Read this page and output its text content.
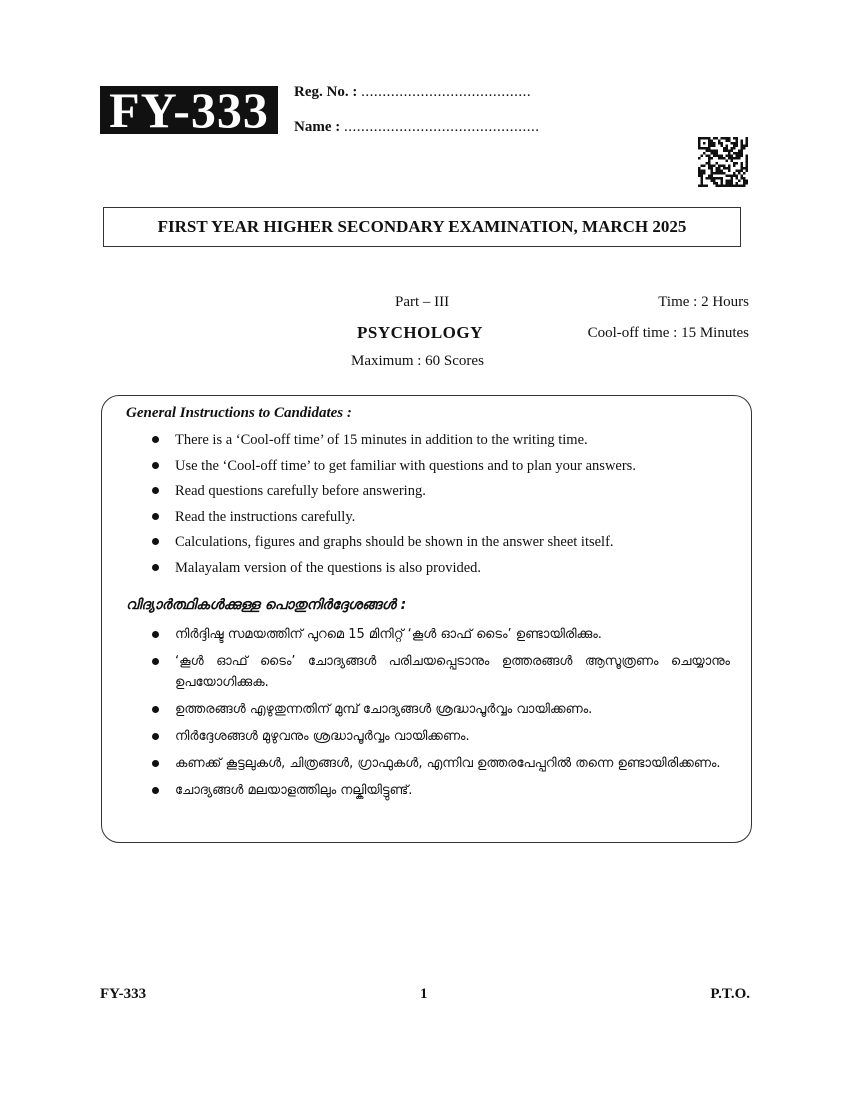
FY-333	Reg. No. : ........................................
Name : ..............................................
FIRST YEAR HIGHER SECONDARY EXAMINATION, MARCH 2025
Part – III	Time : 2 Hours
PSYCHOLOGY	Cool-off time : 15 Minutes
Maximum : 60 Scores
General Instructions to Candidates :
There is a ‘Cool-off time’ of 15 minutes in addition to the writing time.
Use the ‘Cool-off time’ to get familiar with questions and to plan your answers.
Read questions carefully before answering.
Read the instructions carefully.
Calculations, figures and graphs should be shown in the answer sheet itself.
Malayalam version of the questions is also provided.
വിദ്യാർത്ഥികൾക്കുള്ള പൊതുനിർദ്ദേശങ്ങൾ :
നിർദ്ദിഷ്ട സമയത്തിന് പുറമെ 15 മിനിറ്റ് ‘കൂൾ ഓഫ് ടൈം’ ഉണ്ടായിരിക്കും.
‘കൂൾ ഓഫ് ടൈം’ ചോദ്യങ്ങൾ പരിചയപ്പെടാനും ഉത്തരങ്ങൾ ആസൂത്രണം ചെയ്യാനും ഉപയോഗിക്കുക.
ഉത്തരങ്ങൾ എഴുതുന്നതിന് മുമ്പ് ചോദ്യങ്ങൾ ശ്രദ്ധാപൂർവ്വം വായിക്കണം.
നിർദ്ദേശങ്ങൾ മുഴുവനും ശ്രദ്ധാപൂർവ്വം വായിക്കണം.
കണക്ക് കൂട്ടലുകൾ, ചിത്രങ്ങൾ, ഗ്രാഫുകൾ, എന്നിവ ഉത്തരപേപ്പറിൽ തന്നെ ഉണ്ടായിരിക്കണം.
ചോദ്യങ്ങൾ മലയാളത്തിലും നല്കിയിട്ടുണ്ട്.
FY-333	1	P.T.O.
